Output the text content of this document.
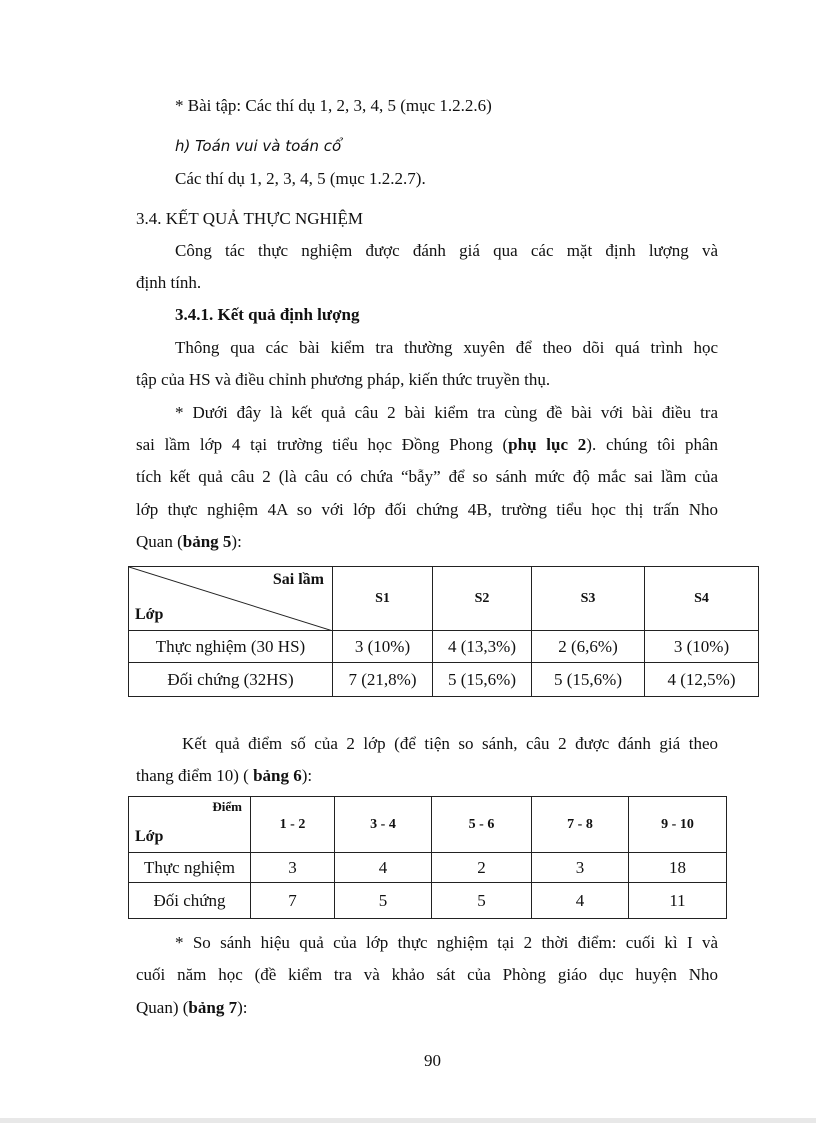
* Bài tập: Các thí dụ 1, 2, 3, 4, 5 (mục 1.2.2.6)
h) Toán vui và toán cổ
Các thí dụ 1, 2, 3, 4, 5 (mục 1.2.2.7).
3.4. KẾT QUẢ THỰC NGHIỆM
Công tác thực nghiệm được đánh giá qua các mặt định lượng và
định tính.
3.4.1. Kết quả định lượng
Thông qua các bài kiểm tra thường xuyên để theo dõi quá trình học
tập của HS và điều chỉnh phương pháp, kiến thức truyền thụ.
* Dưới đây là kết quả câu 2 bài kiểm tra cùng đề bài với bài điều tra
sai lầm lớp 4 tại trường tiểu học Đồng Phong (phụ lục 2). chúng tôi phân
tích kết quả câu 2 (là câu có chứa “bẫy” để so sánh mức độ mắc sai lầm của
lớp thực nghiệm 4A so với lớp đối chứng 4B, trường tiểu học thị trấn Nho
Quan (bảng 5):
Sai lầm
Lớp	S1	S2	S3	S4
Thực nghiệm (30 HS)	3 (10%)	4 (13,3%)	2 (6,6%)	3 (10%)
Đối chứng (32HS)	7 (21,8%)	5 (15,6%)	5 (15,6%)	4 (12,5%)
Kết quả điểm số của 2 lớp (để tiện so sánh, câu 2 được đánh giá theo
thang điểm 10) ( bảng 6):
Điểm
Lớp	1 - 2	3 - 4	5 - 6	7 - 8	9 - 10
Thực nghiệm	3	4	2	3	18
Đối chứng	7	5	5	4	11
* So sánh hiệu quả của lớp thực nghiệm tại 2 thời điểm: cuối kì I và
cuối năm học (đề kiểm tra và khảo sát của Phòng giáo dục huyện Nho
Quan) (bảng 7):
90
